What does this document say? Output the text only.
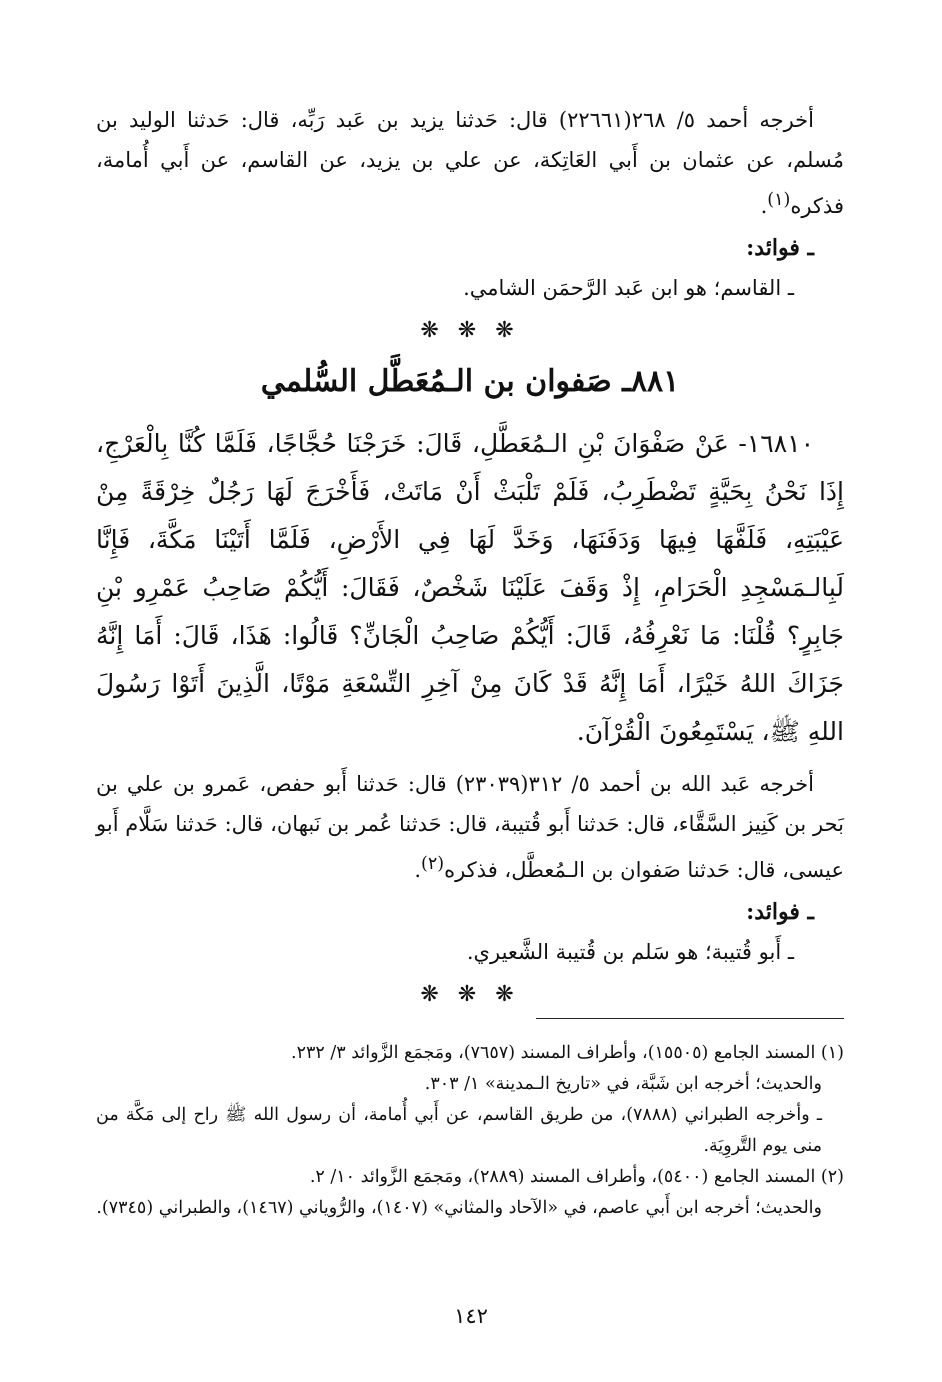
أخرجه أحمد ٥/ ٢٦٨(٢٢٦٦١) قال: حَدثنا يزيد بن عَبد رَبِّه، قال: حَدثنا الوليد بن مُسلم، عن عثمان بن أَبي العَاتِكة، عن علي بن يزيد، عن القاسم، عن أَبي أُمامة، فذكره$^{(١)}$.

ـ فوائد:
ـ القاسم؛ هو ابن عَبد الرَّحمَن الشامي.
❋ ❋ ❋
٨٨١ـ صَفوان بن الـمُعَطَّل السُّلمي

١٦٨١٠- عَنْ صَفْوَانَ بْنِ الـمُعَطَّلِ، قَالَ: خَرَجْنَا حُجَّاجًا، فَلَمَّا كُنَّا بِالْعَرْجِ، إِذَا نَحْنُ بِحَيَّةٍ تَضْطَرِبُ، فَلَمْ تَلْبَثْ أَنْ مَاتَتْ، فَأَخْرَجَ لَهَا رَجُلٌ خِرْقَةً مِنْ عَيْبَتِهِ، فَلَفَّهَا فِيهَا وَدَفَنَهَا، وَخَدَّ لَهَا فِي الأَرْضِ، فَلَمَّا أَتَيْنَا مَكَّةَ، فَإِنَّا لَبِالـمَسْجِدِ الْحَرَامِ، إِذْ وَقَفَ عَلَيْنَا شَخْصٌ، فَقَالَ: أَيُّكُمْ صَاحِبُ عَمْرِو بْنِ جَابِرٍ؟ قُلْنَا: مَا نَعْرِفُهُ، قَالَ: أَيُّكُمْ صَاحِبُ الْجَانِّ؟ قَالُوا: هَذَا، قَالَ: أَمَا إِنَّهُ جَزَاكَ اللهُ خَيْرًا، أَمَا إِنَّهُ قَدْ كَانَ مِنْ آخِرِ التِّسْعَةِ مَوْتًا، الَّذِينَ أَتَوْا رَسُولَ اللهِ ﷺ، يَسْتَمِعُونَ الْقُرْآنَ.

أخرجه عَبد الله بن أحمد ٥/ ٣١٢(٢٣٠٣٩) قال: حَدثنا أَبو حفص، عَمرو بن علي بن بَحر بن كَنِيز السَّقَّاء، قال: حَدثنا أَبو قُتيبة، قال: حَدثنا عُمر بن نَبهان، قال: حَدثنا سَلَّام أَبو عيسى، قال: حَدثنا صَفوان بن الـمُعطَّل، فذكره$^{(٢)}$.

ـ فوائد:
ـ أَبو قُتيبة؛ هو سَلم بن قُتيبة الشَّعيري.
❋ ❋ ❋
(١) المسند الجامع (١٥٥٠٥)، وأطراف المسند (٧٦٥٧)، ومَجمَع الزَّوائد ٣/ ٢٣٢.
والحديث؛ أخرجه ابن شَبَّة، في «تاريخ الـمدينة» ١/ ٣٠٣.
ـ وأخرجه الطبراني (٧٨٨٨)، من طريق القاسم، عن أَبي أُمامة، أن رسول الله ﷺ راح إلى مَكَّة من منى يوم التَّروِيَة.
(٢) المسند الجامع (٥٤٠٠)، وأطراف المسند (٢٨٨٩)، ومَجمَع الزَّوائد ١٠/ ٢.
والحديث؛ أخرجه ابن أَبي عاصم، في «الآحاد والمثاني» (١٤٠٧)، والرُّوياني (١٤٦٧)، والطبراني (٧٣٤٥).
١٤٢
